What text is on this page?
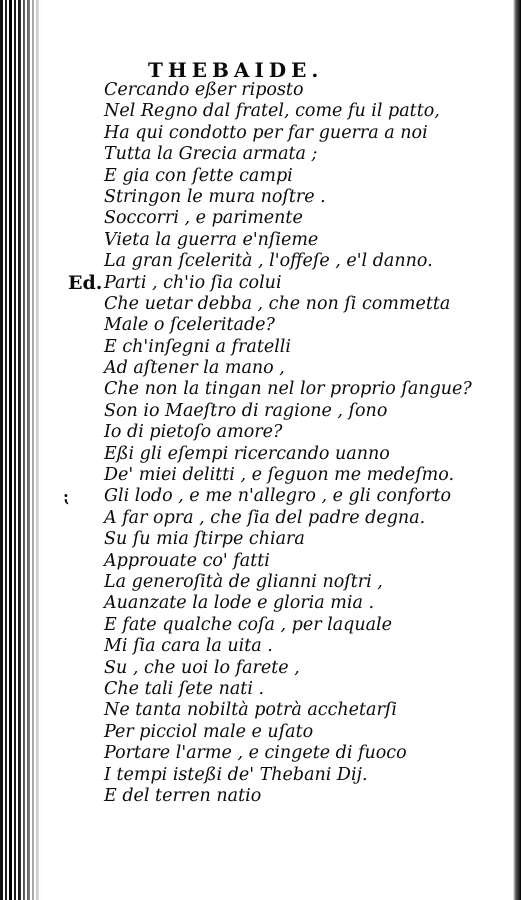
THEBAIDE.
⁏
Cercando eßer riposto
Nel Regno dal fratel, come fu il patto,
Ha qui condotto per far guerra a noi
Tutta la Grecia armata ;
E gia con ſette campi
Stringon le mura noſtre .
Soccorri , e parimente
Vieta la guerra e'nſieme
La gran ſcelerità , l'offeſe , e'l danno.
Ed. Parti , ch'io ſia colui
Che uetar debba , che non ſi commetta
Male o ſceleritade?
E ch'inſegni a fratelli
Ad aſtener la mano ,
Che non la tingan nel lor proprio ſangue?
Son io Maeſtro di ragione , ſono
Io di pietoſo amore?
Eßi gli eſempi ricercando uanno
De' miei delitti , e ſeguon me medeſmo.
Gli lodo , e me n'allegro , e gli conforto
A far opra , che ſia del padre degna.
Su ſu mia ſtirpe chiara
Approuate co' fatti
La generoſità de glianni noſtri ,
Auanzate la lode e gloria mia .
E fate qualche coſa , per laquale
Mi ſia cara la uita .
Su , che uoi lo farete ,
Che tali ſete nati .
Ne tanta nobiltà potrà acchetarſi
Per picciol male e uſato
Portare l'arme , e cingete di fuoco
I tempi isteßi de' Thebani Dij.
E del terren natio
